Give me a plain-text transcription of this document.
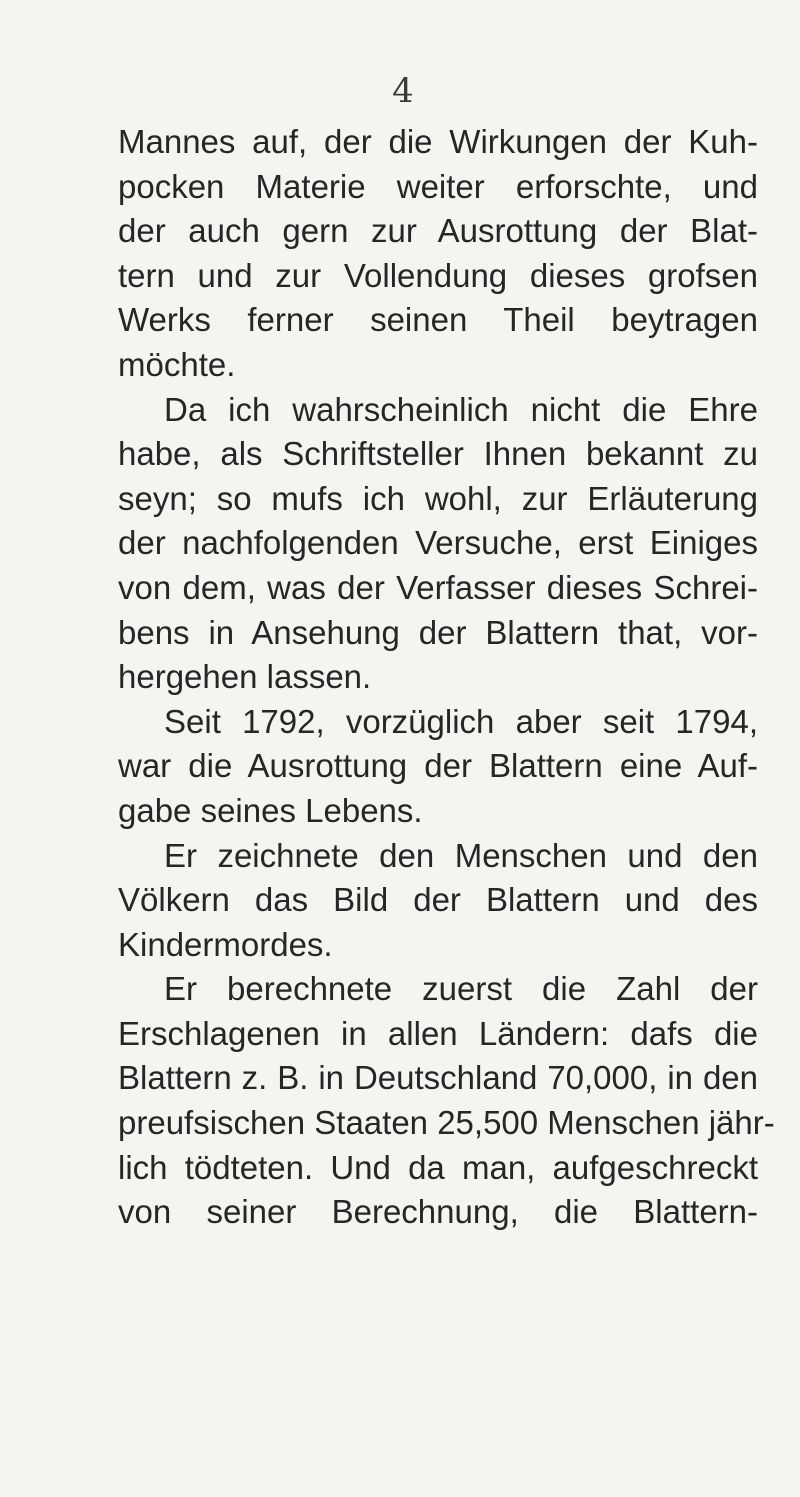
4
Mannes auf, der die Wirkungen der Kuh-
pocken Materie weiter erforschte, und
der auch gern zur Ausrottung der Blat-
tern und zur Vollendung dieses grofsen
Werks ferner seinen Theil beytragen
möchte.
Da ich wahrscheinlich nicht die Ehre
habe, als Schriftsteller Ihnen bekannt zu
seyn; so mufs ich wohl, zur Erläuterung
der nachfolgenden Versuche, erst Einiges
von dem, was der Verfasser dieses Schrei-
bens in Ansehung der Blattern that, vor-
hergehen lassen.
Seit 1792, vorzüglich aber seit 1794,
war die Ausrottung der Blattern eine Auf-
gabe seines Lebens.
Er zeichnete den Menschen und den
Völkern das Bild der Blattern und des
Kindermordes.
Er berechnete zuerst die Zahl der
Erschlagenen in allen Ländern: dafs die
Blattern z. B. in Deutschland 70,000, in den
preufsischen Staaten 25,500 Menschen jähr-
lich tödteten. Und da man, aufgeschreckt
von seiner Berechnung, die Blattern-
